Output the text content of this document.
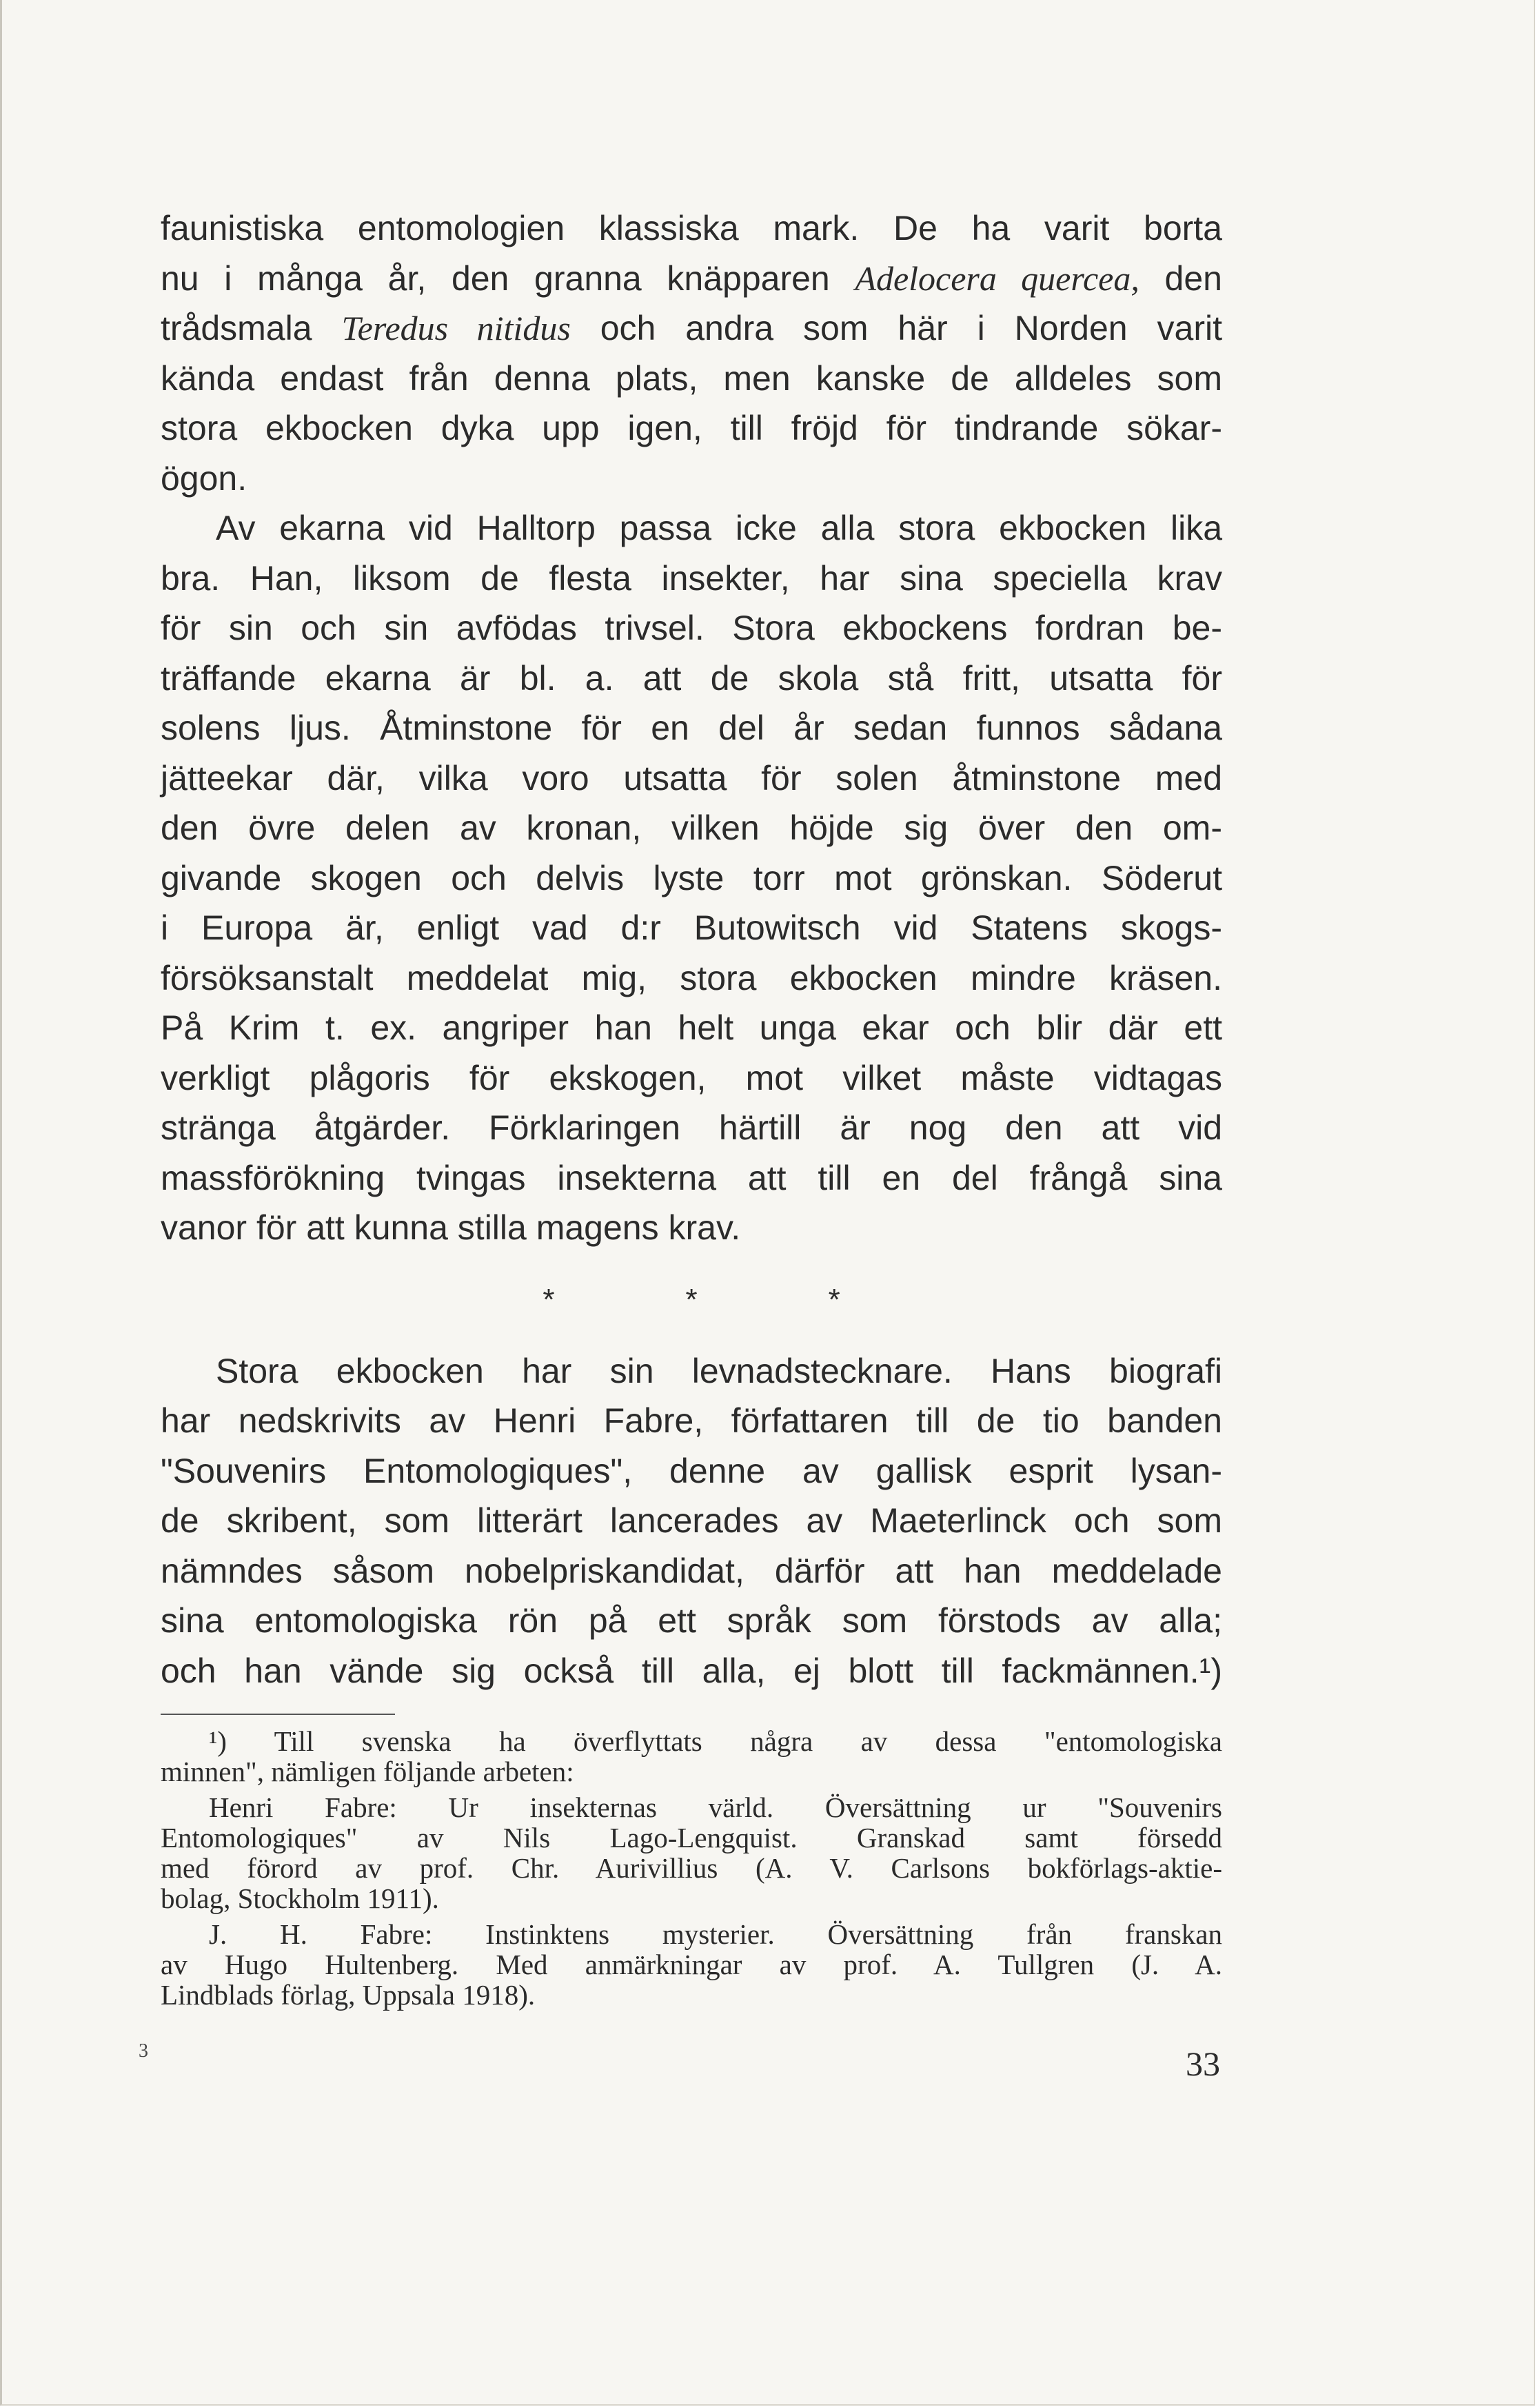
faunistiska entomologien klassiska mark. De ha varit borta
nu i många år, den granna knäpparen Adelocera quercea, den
trådsmala Teredus nitidus och andra som här i Norden varit
kända endast från denna plats, men kanske de alldeles som
stora ekbocken dyka upp igen, till fröjd för tindrande sökar-
ögon.
Av ekarna vid Halltorp passa icke alla stora ekbocken lika
bra. Han, liksom de flesta insekter, har sina speciella krav
för sin och sin avfödas trivsel. Stora ekbockens fordran be-
träffande ekarna är bl. a. att de skola stå fritt, utsatta för
solens ljus. Åtminstone för en del år sedan funnos sådana
jätteekar där, vilka voro utsatta för solen åtminstone med
den övre delen av kronan, vilken höjde sig över den om-
givande skogen och delvis lyste torr mot grönskan. Söderut
i Europa är, enligt vad d:r Butowitsch vid Statens skogs-
försöksanstalt meddelat mig, stora ekbocken mindre kräsen.
På Krim t. ex. angriper han helt unga ekar och blir där ett
verkligt plågoris för ekskogen, mot vilket måste vidtagas
stränga åtgärder. Förklaringen härtill är nog den att vid
massförökning tvingas insekterna att till en del frångå sina
vanor för att kunna stilla magens krav.
*	*	*
Stora ekbocken har sin levnadstecknare. Hans biografi
har nedskrivits av Henri Fabre, författaren till de tio banden
"Souvenirs Entomologiques", denne av gallisk esprit lysan-
de skribent, som litterärt lancerades av Maeterlinck och som
nämndes såsom nobelpriskandidat, därför att han meddelade
sina entomologiska rön på ett språk som förstods av alla;
och han vände sig också till alla, ej blott till fackmännen.¹)
¹) Till svenska ha överflyttats några av dessa "entomologiska
minnen", nämligen följande arbeten:
Henri Fabre: Ur insekternas värld. Översättning ur "Souvenirs
Entomologiques" av Nils Lago-Lengquist. Granskad samt försedd
med förord av prof. Chr. Aurivillius (A. V. Carlsons bokförlags-aktie-
bolag, Stockholm 1911).
J. H. Fabre: Instinktens mysterier. Översättning från franskan
av Hugo Hultenberg. Med anmärkningar av prof. A. Tullgren (J. A.
Lindblads förlag, Uppsala 1918).
3	33
